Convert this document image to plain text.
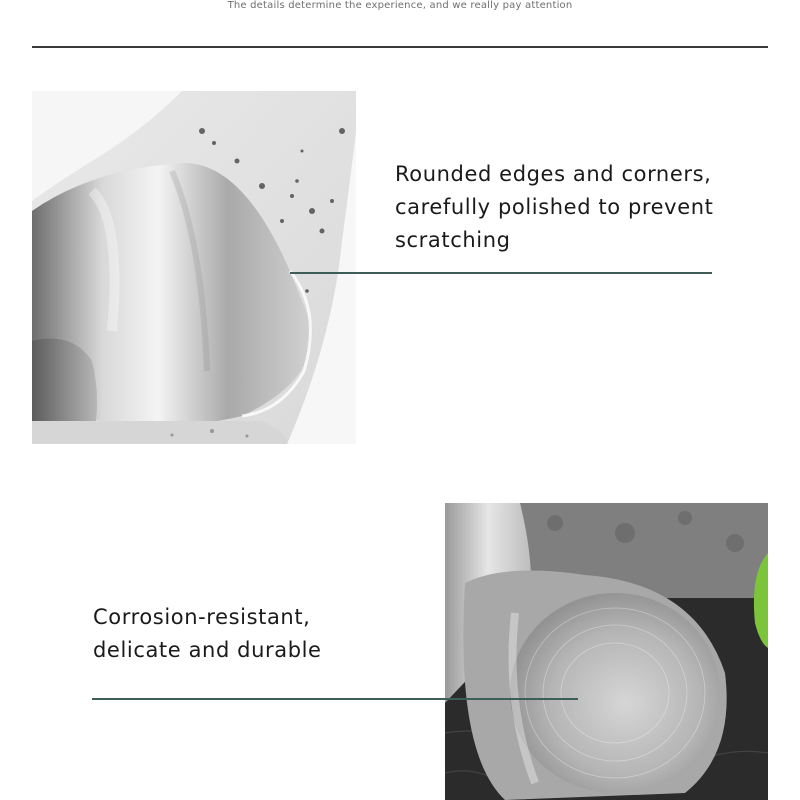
The details determine the experience, and we really pay attention

Rounded edges and corners,
carefully polished to prevent
scratching

Corrosion-resistant,
delicate and durable
